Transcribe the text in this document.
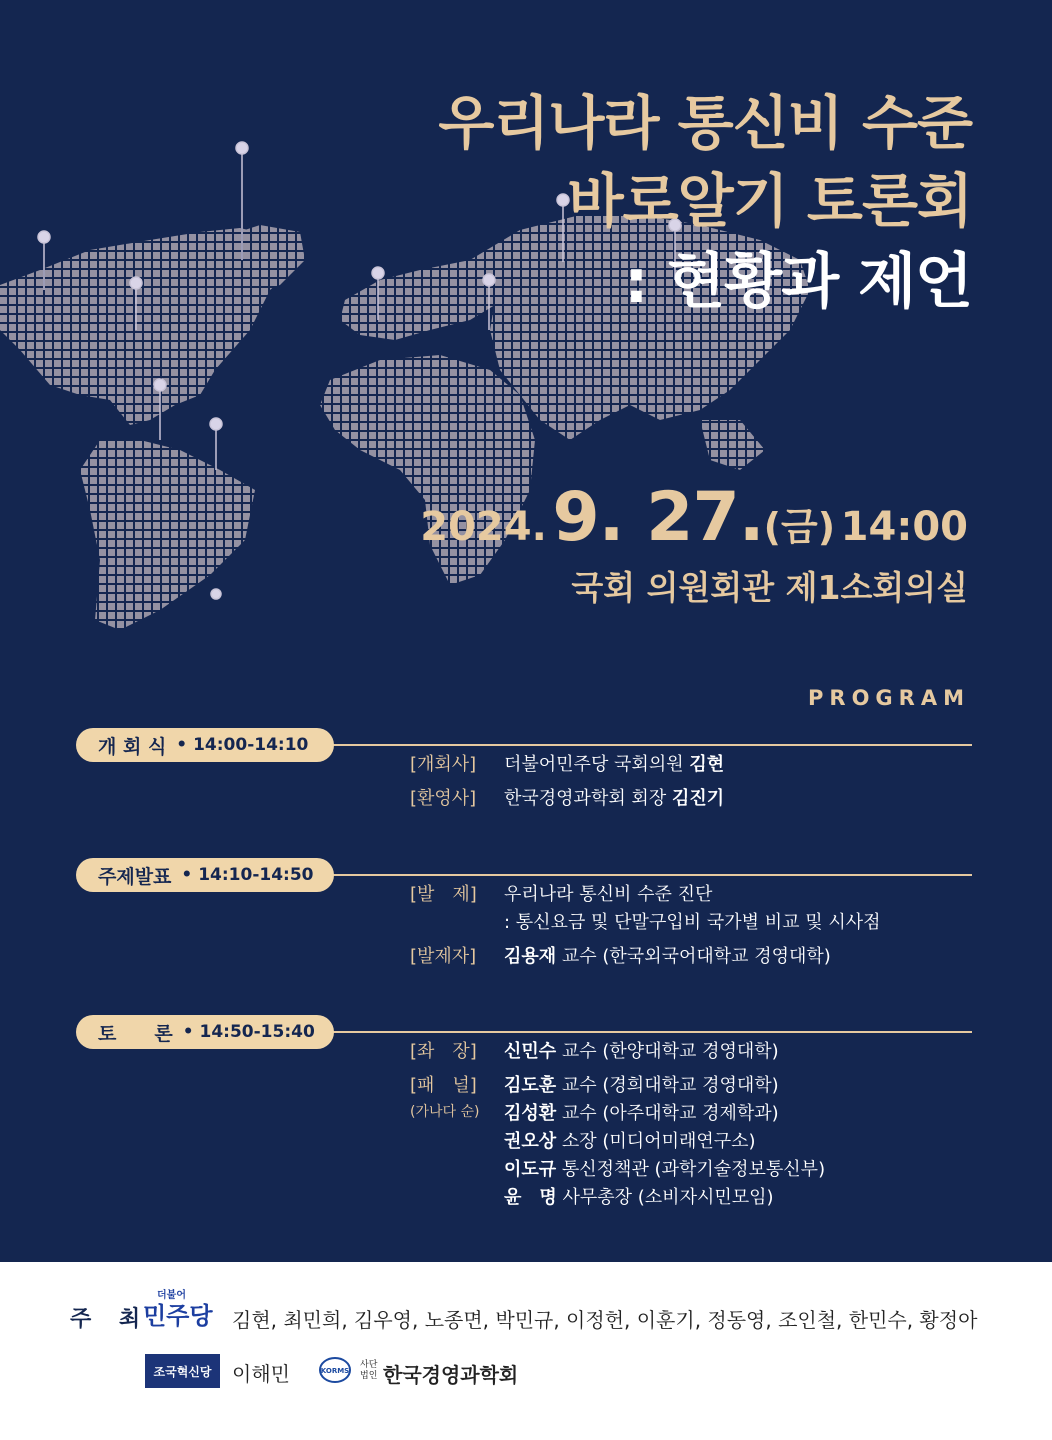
우리나라 통신비 수준
바로알기 토론회
: 현황과 제언
2024. 9. 27.(금) 14:00
국회 의원회관 제1소회의실
PROGRAM
개 회 식 • 14:00-14:10
[개회사]	더불어민주당 국회의원 김현
[환영사]	한국경영과학회 회장 김진기
주제발표 • 14:10-14:50
[발　제]	우리나라 통신비 수준 진단
: 통신요금 및 단말구입비 국가별 비교 및 시사점
[발제자]	김용재 교수 (한국외국어대학교 경영대학)
토　　론 • 14:50-15:40
[좌　장]	신민수 교수 (한양대학교 경영대학)
[패　널]	김도훈 교수 (경희대학교 경영대학)
(가나다 순) 김성환 교수 (아주대학교 경제학과)
권오상 소장 (미디어미래연구소)
이도규 통신정책관 (과학기술정보통신부)
윤　명 사무총장 (소비자시민모임)
주 최
더불어
민주당 김현, 최민희, 김우영, 노종면, 박민규, 이정헌, 이훈기, 정동영, 조인철, 한민수, 황정아
조국혁신당	이해민	KORMS
사단
법인 한국경영과학회
